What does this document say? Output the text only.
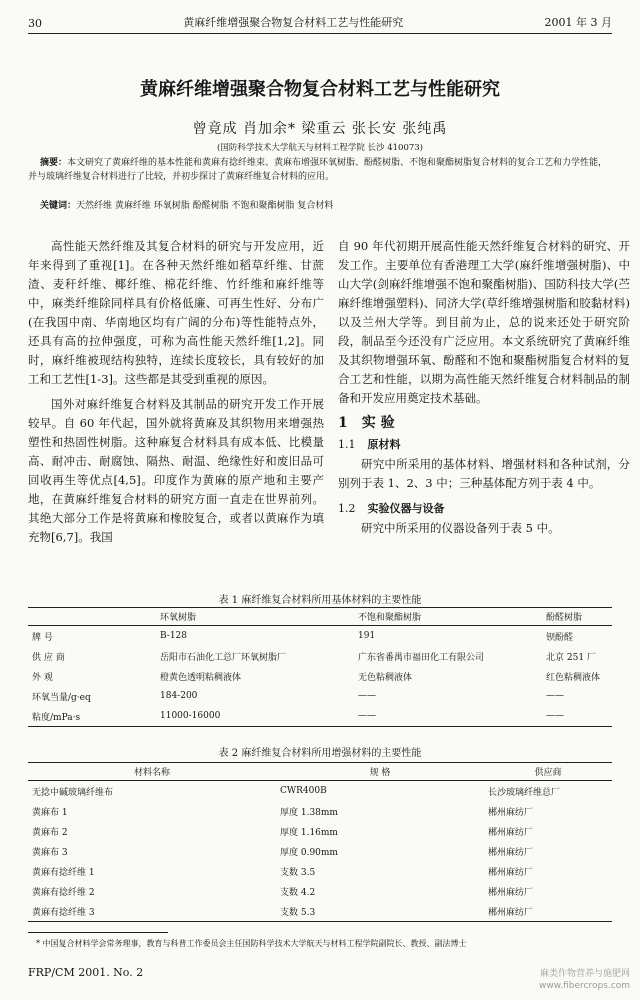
30	黄麻纤维增强聚合物复合材料工艺与性能研究	2001 年 3 月
黄麻纤维增强聚合物复合材料工艺与性能研究
曾竟成 肖加余* 梁重云 张长安 张纯禹
(国防科学技术大学航天与材料工程学院 长沙 410073)
摘要：本文研究了黄麻纤维的基本性能和黄麻有捻纤维束、黄麻布增强环氧树脂、酚醛树脂、不饱和聚酯树脂复合材料的复合工艺和力学性能，并与玻璃纤维复合材料进行了比较，并初步探讨了黄麻纤维复合材料的应用。
关键词：天然纤维 黄麻纤维 环氧树脂 酚醛树脂 不饱和聚酯树脂 复合材料

高性能天然纤维及其复合材料的研究与开发应用，近年来得到了重视[1]。在各种天然纤维如稻草纤维、甘蔗渣、麦秆纤维、椰纤维、棉花纤维、竹纤维和麻纤维等中，麻类纤维除同样具有价格低廉、可再生性好、分布广(在我国中南、华南地区均有广阔的分布)等性能特点外，还具有高的拉伸强度，可称为高性能天然纤维[1,2]。同时，麻纤维被现结构独特，连续长度较长，具有较好的加工和工艺性[1-3]。这些都是其受到重视的原因。

国外对麻纤维复合材料及其制品的研究开发工作开展较早。自 60 年代起，国外就将黄麻及其织物用来增强热塑性和热固性树脂。这种麻复合材料具有成本低、比模量高、耐冲击、耐腐蚀、隔热、耐温、绝缘性好和废旧品可回收再生等优点[4,5]。印度作为黄麻的原产地和主要产地，在黄麻纤维复合材料的研究方面一直走在世界前列。其绝大部分工作是将黄麻和橡胶复合，或者以黄麻作为填充物[6,7]。我国

自 90 年代初期开展高性能天然纤维复合材料的研究、开发工作。主要单位有香港理工大学(麻纤维增强树脂)、中山大学(剑麻纤维增强不饱和聚酯树脂)、国防科技大学(苎麻纤维增强塑料)、同济大学(草纤维增强树脂和胶黏材料)以及兰州大学等。到目前为止，总的说来还处于研究阶段，制品至今还没有广泛应用。本文系统研究了黄麻纤维及其织物增强环氧、酚醛和不饱和聚酯树脂复合材料的复合工艺和性能，以期为高性能天然纤维复合材料制品的制备和开发应用奠定技术基础。

1 实 验
1.1 原材料

研究中所采用的基体材料、增强材料和各种试剂，分别列于表 1、2、3 中；三种基体配方列于表 4 中。

1.2 实验仪器与设备

研究中所采用的仪器设备列于表 5 中。

表 1 麻纤维复合材料所用基体材料的主要性能
	环氧树脂	不饱和聚酯树脂	酚醛树脂
牌 号	B-128	191	钡酚醛
供 应 商	岳阳市石油化工总厂环氧树脂厂	广东省番禺市福田化工有限公司	北京 251 厂
外 观	橙黄色透明粘稠液体	无色粘稠液体	红色粘稠液体
环氧当量/g·eq	184-200	——	——
粘度/mPa·s	11000-16000	——	——
表 2 麻纤维复合材料所用增强材料的主要性能
材料名称	规 格	供应商
无捻中碱玻璃纤维布	CWR400B	长沙玻璃纤维总厂
黄麻布 1	厚度 1.38mm	郴州麻纺厂
黄麻布 2	厚度 1.16mm	郴州麻纺厂
黄麻布 3	厚度 0.90mm	郴州麻纺厂
黄麻有捻纤维 1	支数 3.5	郴州麻纺厂
黄麻有捻纤维 2	支数 4.2	郴州麻纺厂
黄麻有捻纤维 3	支数 5.3	郴州麻纺厂
* 中国复合材料学会常务理事，教育与科普工作委员会主任国防科学技术大学航天与材料工程学院副院长、教授、副法博士
FRP/CM 2001. No. 2	麻类作物营养与施肥网
www.fibercrops.com
